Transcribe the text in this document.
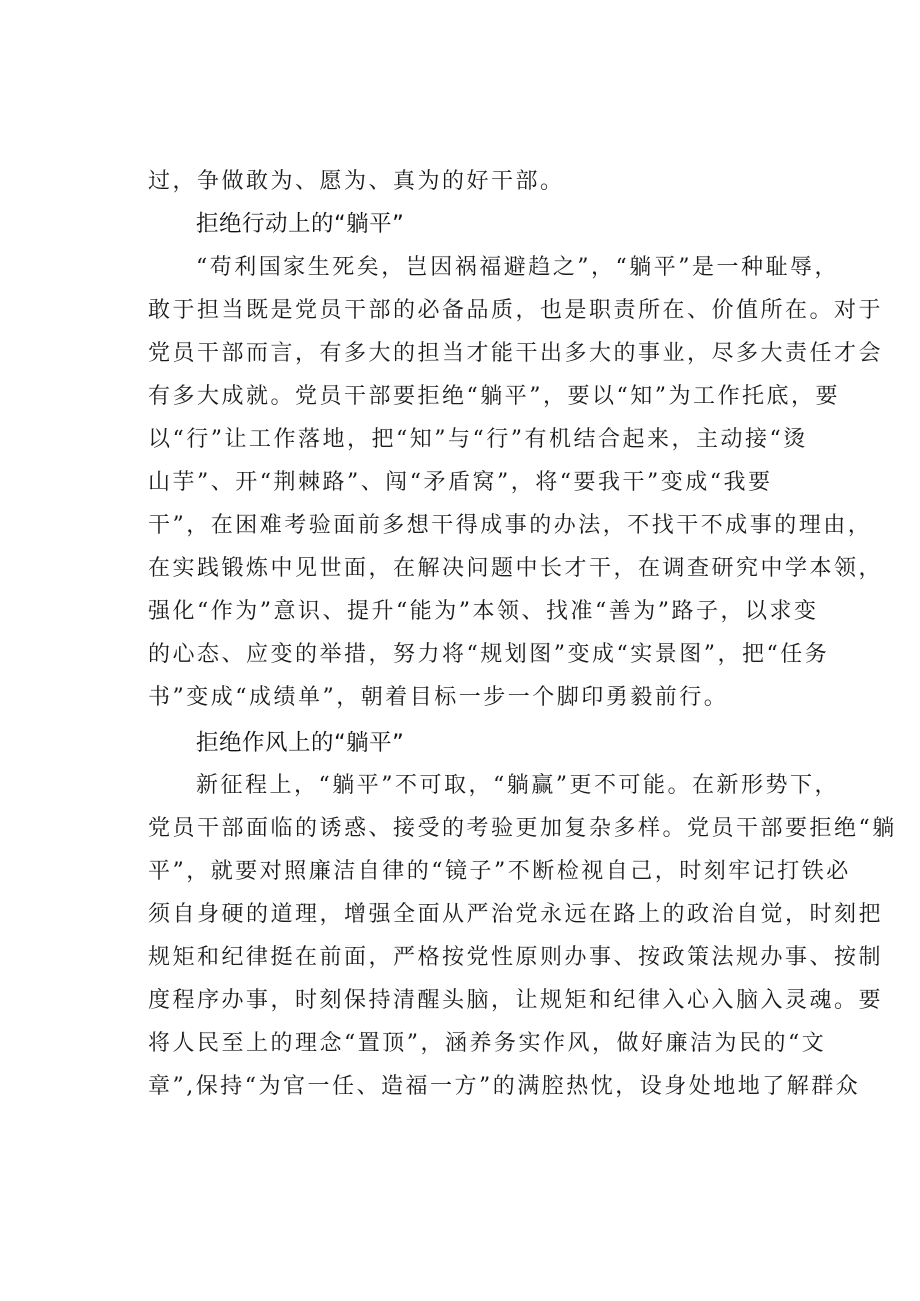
过，争做敢为、愿为、真为的好干部。
拒绝行动上的“躺平”
“苟利国家生死矣，岂因祸福避趋之”，“躺平”是一种耻辱，
敢于担当既是党员干部的必备品质，也是职责所在、价值所在。对于
党员干部而言，有多大的担当才能干出多大的事业，尽多大责任才会
有多大成就。党员干部要拒绝“躺平”，要以“知”为工作托底，要
以“行”让工作落地，把“知”与“行”有机结合起来，主动接“烫
山芋”、开“荆棘路”、闯“矛盾窝”，将“要我干”变成“我要
干”，在困难考验面前多想干得成事的办法，不找干不成事的理由，
在实践锻炼中见世面，在解决问题中长才干，在调查研究中学本领，
强化“作为”意识、提升“能为”本领、找准“善为”路子，以求变
的心态、应变的举措，努力将“规划图”变成“实景图”，把“任务
书”变成“成绩单”，朝着目标一步一个脚印勇毅前行。
拒绝作风上的“躺平”
新征程上，“躺平”不可取，“躺赢”更不可能。在新形势下，
党员干部面临的诱惑、接受的考验更加复杂多样。党员干部要拒绝“躺
平”，就要对照廉洁自律的“镜子”不断检视自己，时刻牢记打铁必
须自身硬的道理，增强全面从严治党永远在路上的政治自觉，时刻把
规矩和纪律挺在前面，严格按党性原则办事、按政策法规办事、按制
度程序办事，时刻保持清醒头脑，让规矩和纪律入心入脑入灵魂。要
将人民至上的理念“置顶”，涵养务实作风，做好廉洁为民的“文
章”,保持“为官一任、造福一方”的满腔热忱，设身处地地了解群众
